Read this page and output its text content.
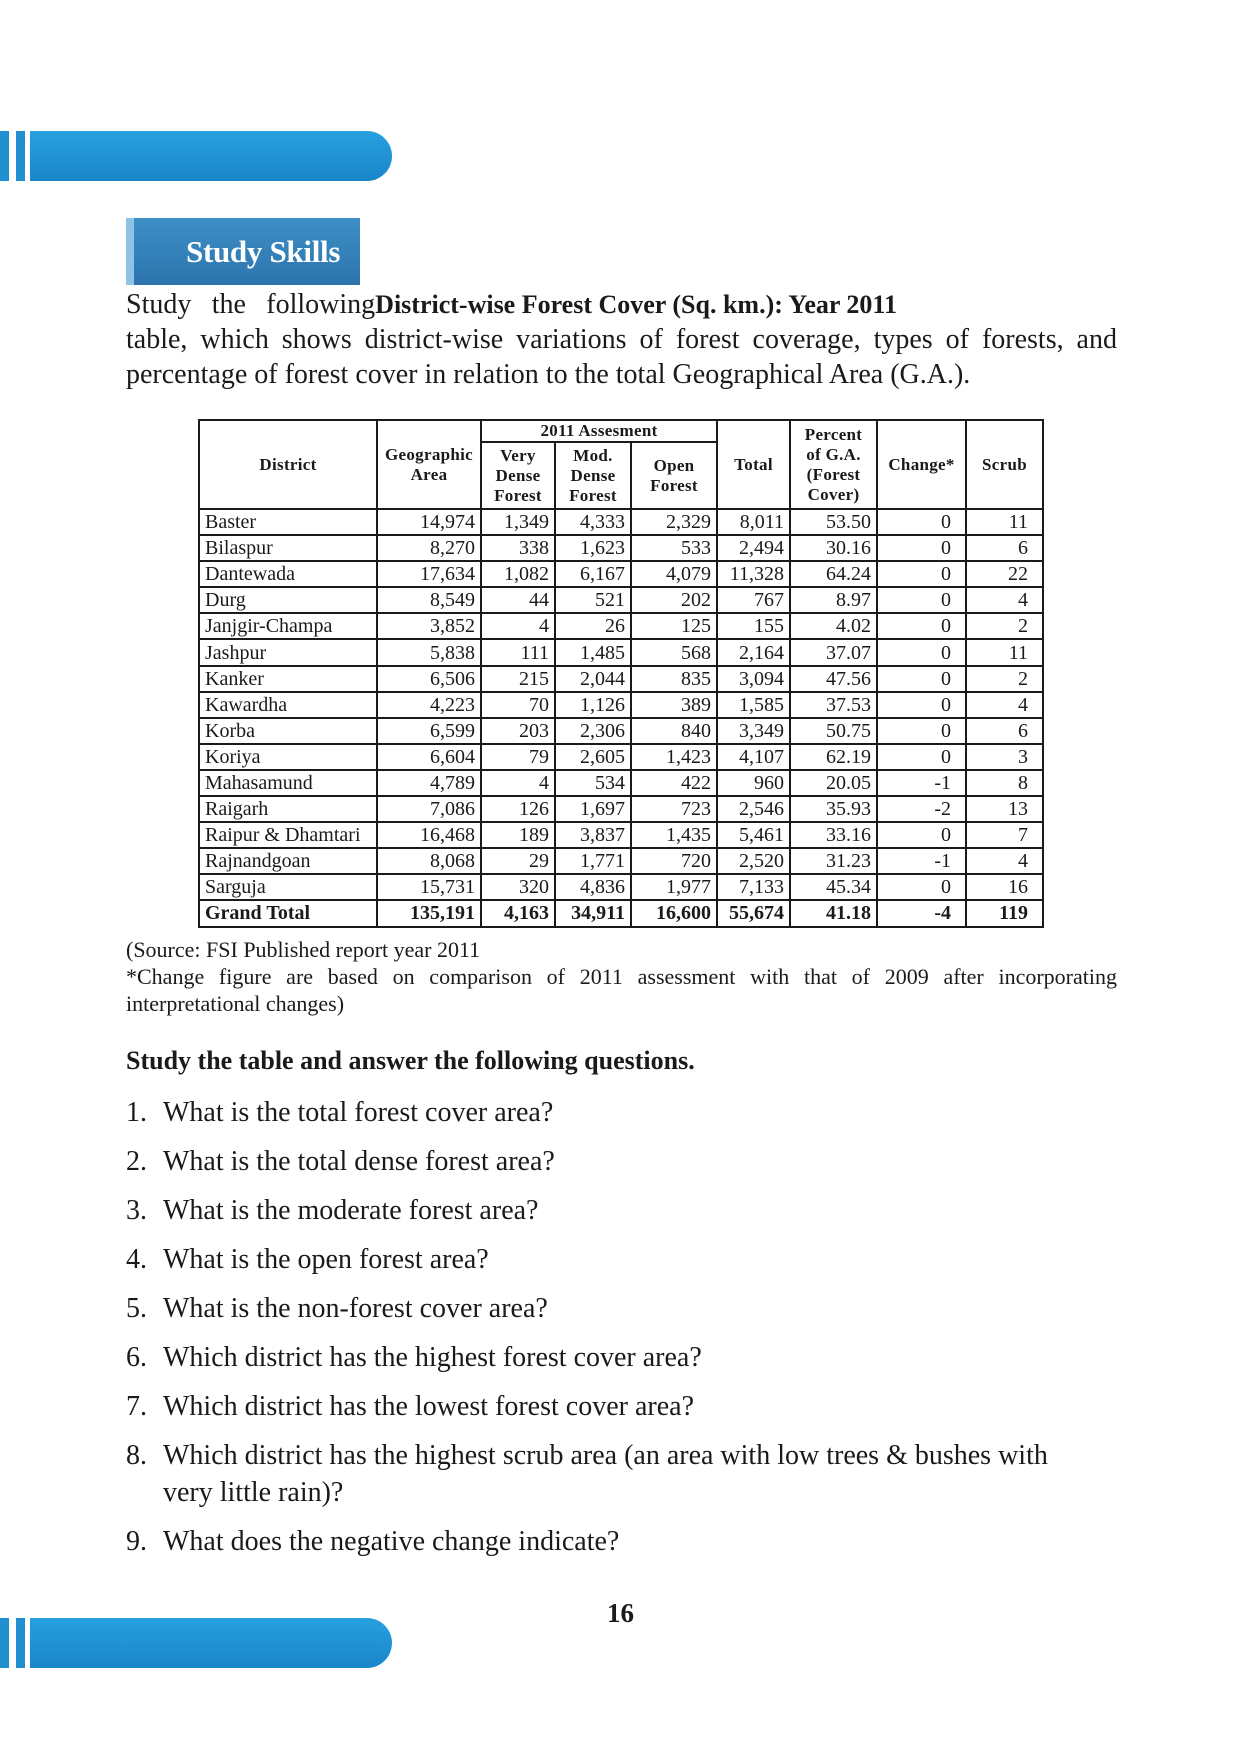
Study Skills

District-wise Forest Cover (Sq. km.): Year 2011
Study the following table, which shows district-wise variations of forest coverage, types of forests, and percentage of forest cover in relation to the total Geographical Area (G.A.).

District	Geographic Area	2011 Assesment			Total	Percent of G.A. (Forest Cover)	Change*	Scrub
		Very Dense Forest	Mod. Dense Forest	Open Forest				
Baster	14,974	1,349	4,333	2,329	8,011	53.50	0	11
Bilaspur	8,270	338	1,623	533	2,494	30.16	0	6
Dantewada	17,634	1,082	6,167	4,079	11,328	64.24	0	22
Durg	8,549	44	521	202	767	8.97	0	4
Janjgir-Champa	3,852	4	26	125	155	4.02	0	2
Jashpur	5,838	111	1,485	568	2,164	37.07	0	11
Kanker	6,506	215	2,044	835	3,094	47.56	0	2
Kawardha	4,223	70	1,126	389	1,585	37.53	0	4
Korba	6,599	203	2,306	840	3,349	50.75	0	6
Koriya	6,604	79	2,605	1,423	4,107	62.19	0	3
Mahasamund	4,789	4	534	422	960	20.05	-1	8
Raigarh	7,086	126	1,697	723	2,546	35.93	-2	13
Raipur & Dhamtari	16,468	189	3,837	1,435	5,461	33.16	0	7
Rajnandgoan	8,068	29	1,771	720	2,520	31.23	-1	4
Sarguja	15,731	320	4,836	1,977	7,133	45.34	0	16
Grand Total	135,191	4,163	34,911	16,600	55,674	41.18	-4	119

(Source: FSI Published report year 2011

*Change figure are based on comparison of 2011 assessment with that of 2009 after incorporating interpretational changes)

Study the table and answer the following questions.

1. What is the total forest cover area?
2. What is the total dense forest area?
3. What is the moderate forest area?
4. What is the open forest area?
5. What is the non-forest cover area?
6. Which district has the highest forest cover area?
7. Which district has the lowest forest cover area?
8. Which district has the highest scrub area (an area with low trees & bushes with very little rain)?
9. What does the negative change indicate?
16
